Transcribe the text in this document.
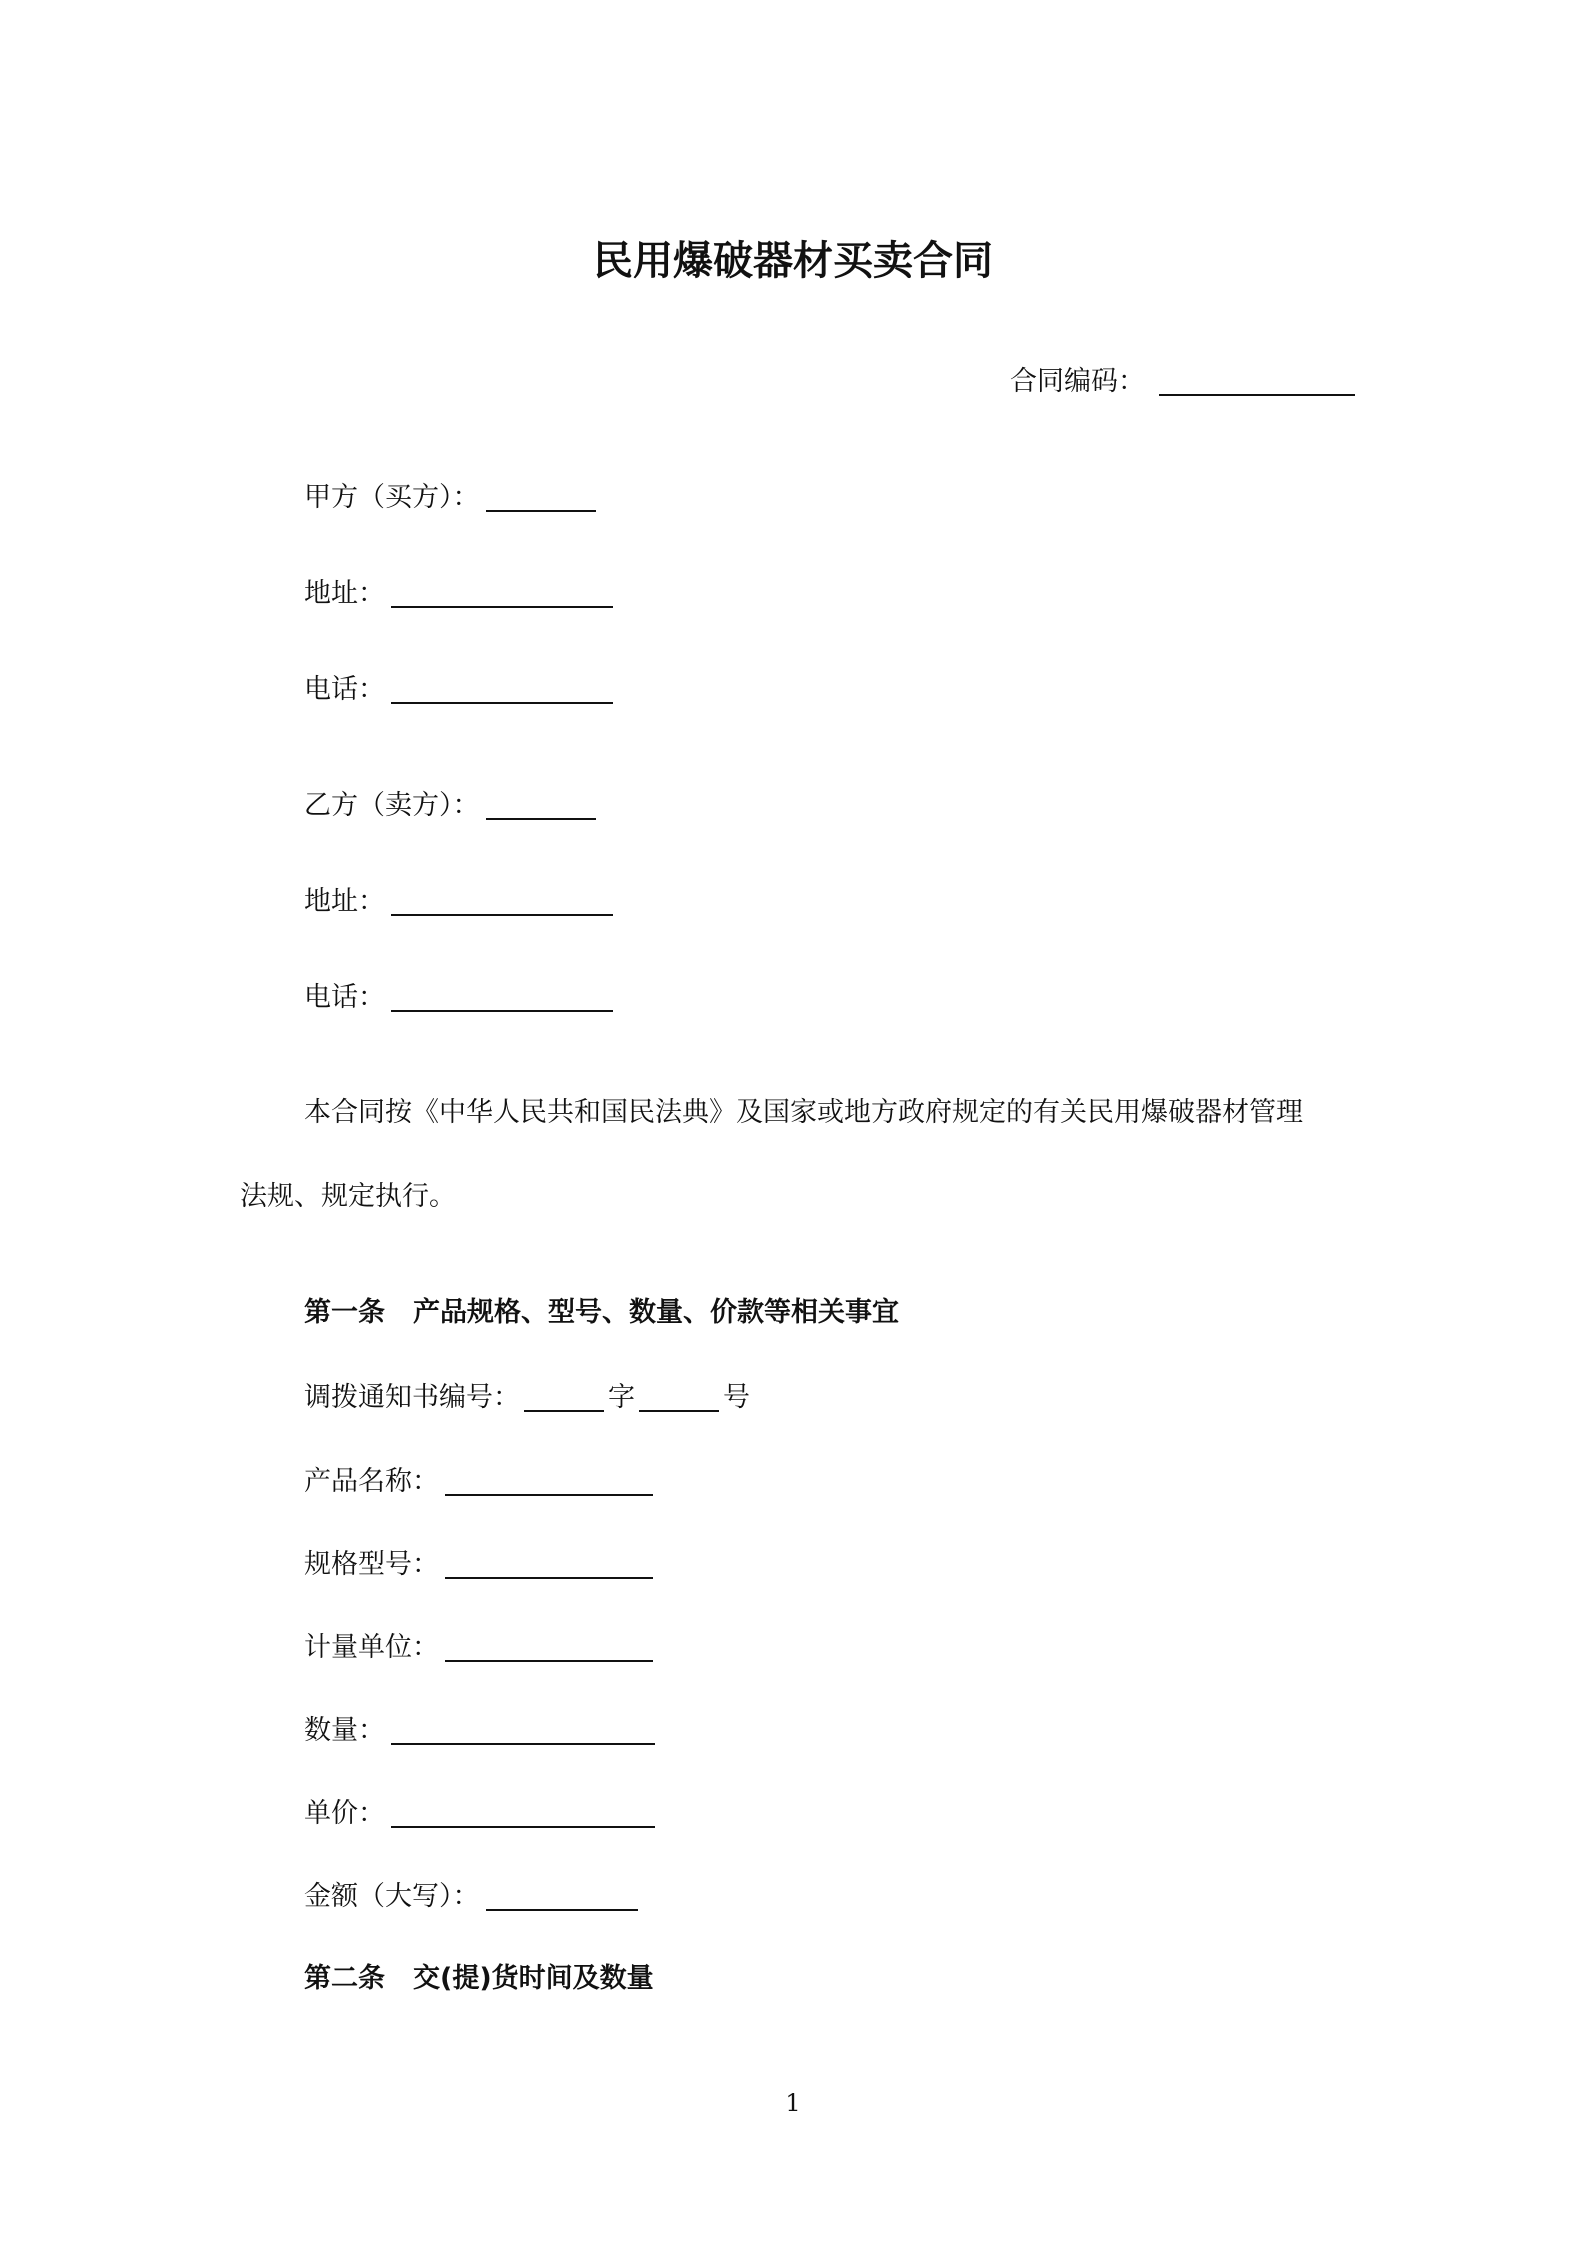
民用爆破器材买卖合同
合同编码：
甲方（买方）：
地址：
电话：
乙方（卖方）：
地址：
电话：
本合同按《中华人民共和国民法典》及国家或地方政府规定的有关民用爆破器材管理
法规、规定执行。
第一条 产品规格、型号、数量、价款等相关事宜
调拨通知书编号：	字	号
产品名称：
规格型号：
计量单位：
数量：
单价：
金额（大写）：
第二条 交(提)货时间及数量
1
